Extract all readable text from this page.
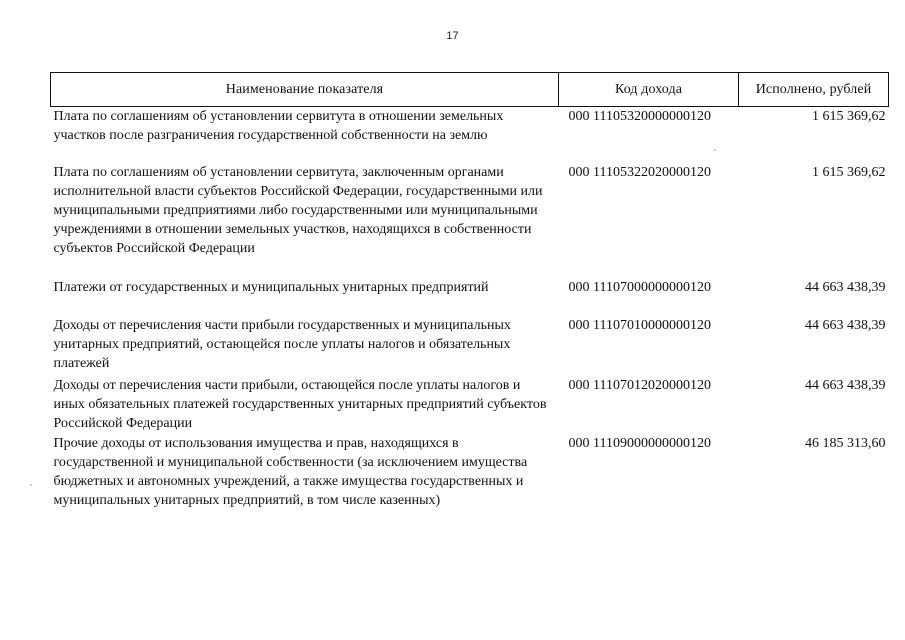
17
Наименование показателя	Код дохода	Исполнено, рублей
Плата по соглашениям об установлении сервитута в отношении земельных участков после разграничения государственной собственности на землю	000 11105320000000120	1 615 369,62
Плата по соглашениям об установлении сервитута, заключенным органами исполнительной власти субъектов Российской Федерации, государственными или муниципальными предприятиями либо государственными или муниципальными учреждениями в отношении земельных участков, находящихся в собственности субъектов Российской Федерации	000 11105322020000120	1 615 369,62
Платежи от государственных и муниципальных унитарных предприятий	000 11107000000000120	44 663 438,39
Доходы от перечисления части прибыли государственных и муниципальных унитарных предприятий, остающейся после уплаты налогов и обязательных платежей	000 11107010000000120	44 663 438,39
Доходы от перечисления части прибыли, остающейся после уплаты налогов и иных обязательных платежей государственных унитарных предприятий субъектов Российской Федерации	000 11107012020000120	44 663 438,39
Прочие доходы от использования имущества и прав, находящихся в государственной и муниципальной собственности (за исключением имущества бюджетных и автономных учреждений, а также имущества государственных и муниципальных унитарных предприятий, в том числе казенных)	000 11109000000000120	46 185 313,60
